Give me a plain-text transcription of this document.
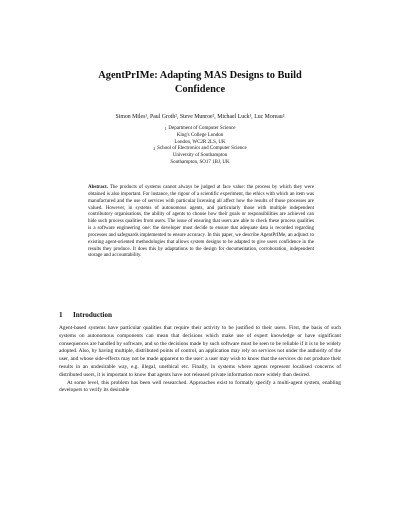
AgentPrIMe: Adapting MAS Designs to Build
Confidence
Simon Miles¹, Paul Groth², Steve Munroe², Michael Luck¹, Luc Moreau²
$^1$ Department of Computer Science
King's College London
London, WC2R 2LS, UK
$^2$ School of Electronics and Computer Science
University of Southampton
Southampton, SO17 1BJ, UK
Abstract. The products of systems cannot always be judged at face value: the process by which they were obtained is also important. For instance, the rigour of a scientific experiment, the ethics with which an item was manufactured and the use of services with particular licensing all affect how the results of those processes are valued. However, in systems of autonomous agents, and particularly those with multiple independent contributory organisations, the ability of agents to choose how their goals or responsibilities are achieved can hide such process qualities from users. The issue of ensuring that users are able to check these process qualities is a software engineering one: the developer must decide to ensure that adequate data is recorded regarding processes and safeguards implemented to ensure accuracy. In this paper, we describe AgentPrIMe, an adjunct to existing agent-oriented methodologies that allows system designs to be adapted to give users confidence in the results they produce. It does this by adaptations to the design for documentation, corroboration, independent storage and accountability.
1 Introduction

Agent-based systems have particular qualities that require their activity to be justified to their users. First, the basis of such systems on autonomous components can mean that decisions which make use of expert knowledge or have significant consequences are handled by software, and so the decisions made by such software must be seen to be reliable if it is to be widely adopted. Also, by having multiple, distributed points of control, an application may rely on services not under the authority of the user, and whose side-effects may not be made apparent to the user: a user may wish to know that the services do not produce their results in an undesirable way, e.g. illegal, unethical etc. Finally, in systems where agents represent localised concerns of distributed users, it is important to know that agents have not released private information more widely than desired.

At some level, this problem has been well researched. Approaches exist to formally specify a multi-agent system, enabling developers to verify its desirable
